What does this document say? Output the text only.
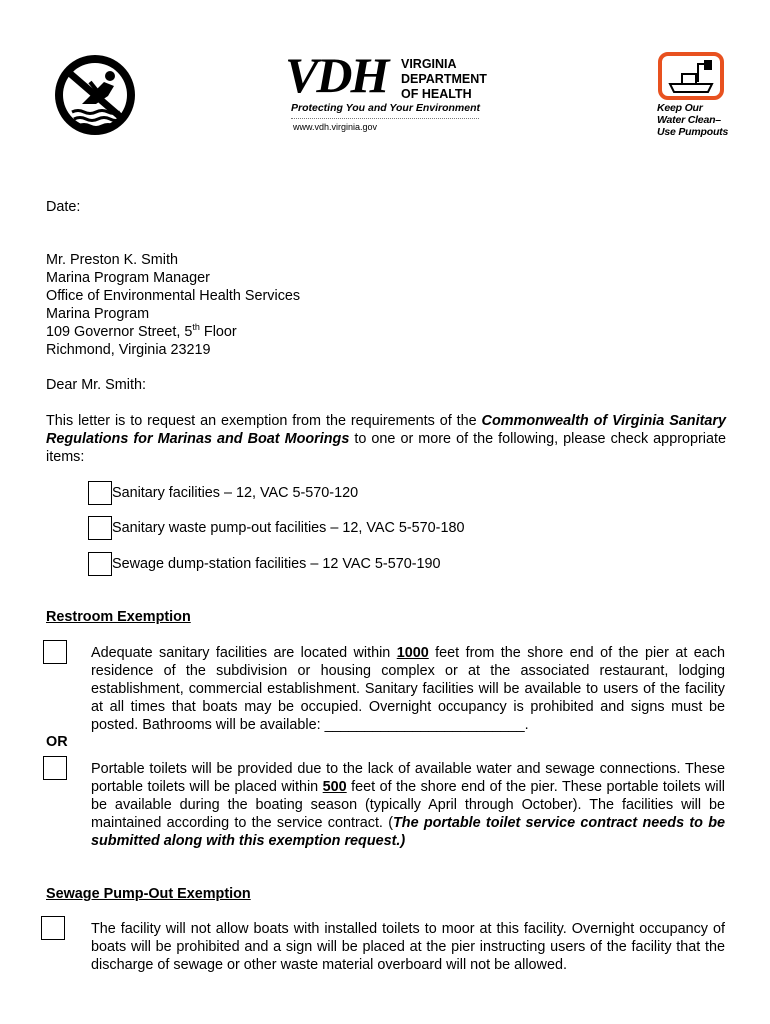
VDH VIRGINIA
DEPARTMENT
OF HEALTH
Protecting You and Your Environment
www.vdh.virginia.gov
Keep Our
Water Clean–
Use Pumpouts
Date:
Mr. Preston K. Smith
Marina Program Manager
Office of Environmental Health Services
Marina Program
109 Governor Street, 5th Floor
Richmond, Virginia 23219
Dear Mr. Smith:
This letter is to request an exemption from the requirements of the Commonwealth of Virginia Sanitary Regulations for Marinas and Boat Moorings to one or more of the following, please check appropriate items:
Sanitary facilities – 12, VAC 5-570-120
Sanitary waste pump-out facilities – 12, VAC 5-570-180
Sewage dump-station facilities – 12 VAC 5-570-190
Restroom Exemption
Adequate sanitary facilities are located within 1000 feet from the shore end of the pier at each residence of the subdivision or housing complex or at the associated restaurant, lodging establishment, commercial establishment. Sanitary facilities will be available to users of the facility at all times that boats may be occupied. Overnight occupancy is prohibited and signs must be posted. Bathrooms will be available: _________________________.
OR
Portable toilets will be provided due to the lack of available water and sewage connections. These portable toilets will be placed within 500 feet of the shore end of the pier. These portable toilets will be available during the boating season (typically April through October). The facilities will be maintained according to the service contract. (The portable toilet service contract needs to be submitted along with this exemption request.)
Sewage Pump-Out Exemption
The facility will not allow boats with installed toilets to moor at this facility. Overnight occupancy of boats will be prohibited and a sign will be placed at the pier instructing users of the facility that the discharge of sewage or other waste material overboard will not be allowed.
